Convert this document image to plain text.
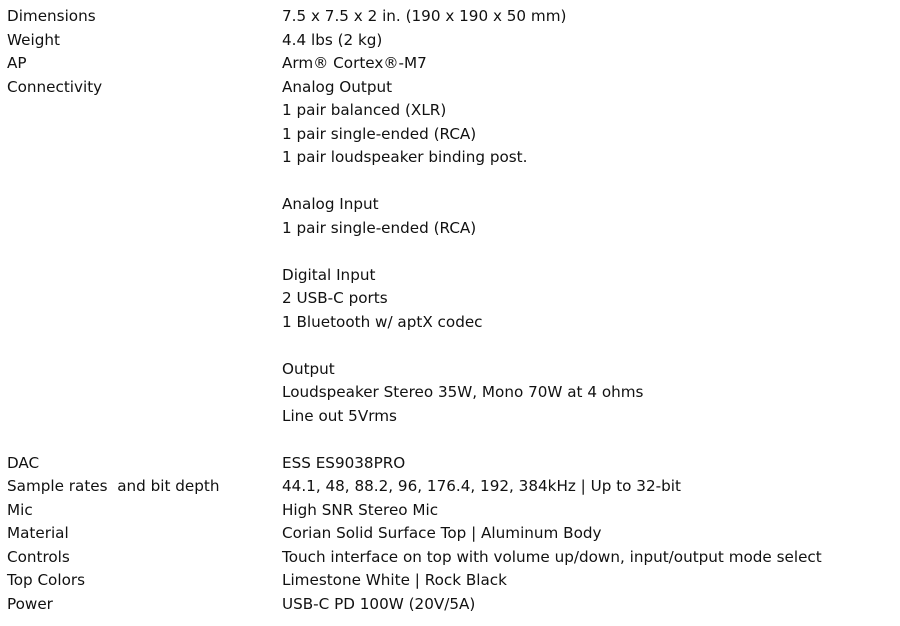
Dimensions	7.5 x 7.5 x 2 in. (190 x 190 x 50 mm)
Weight	4.4 lbs (2 kg)
AP	Arm® Cortex®-M7
Connectivity	Analog Output
1 pair balanced (XLR)
1 pair single-ended (RCA)
1 pair loudspeaker binding post.
Analog Input
1 pair single-ended (RCA)
Digital Input
2 USB-C ports
1 Bluetooth w/ aptX codec
Output
Loudspeaker Stereo 35W, Mono 70W at 4 ohms
Line out 5Vrms
DAC	ESS ES9038PRO
Sample rates  and bit depth	44.1, 48, 88.2, 96, 176.4, 192, 384kHz | Up to 32-bit
Mic	High SNR Stereo Mic
Material	Corian Solid Surface Top | Aluminum Body
Controls	Touch interface on top with volume up/down, input/output mode select
Top Colors	Limestone White | Rock Black
Power	USB-C PD 100W (20V/5A)
